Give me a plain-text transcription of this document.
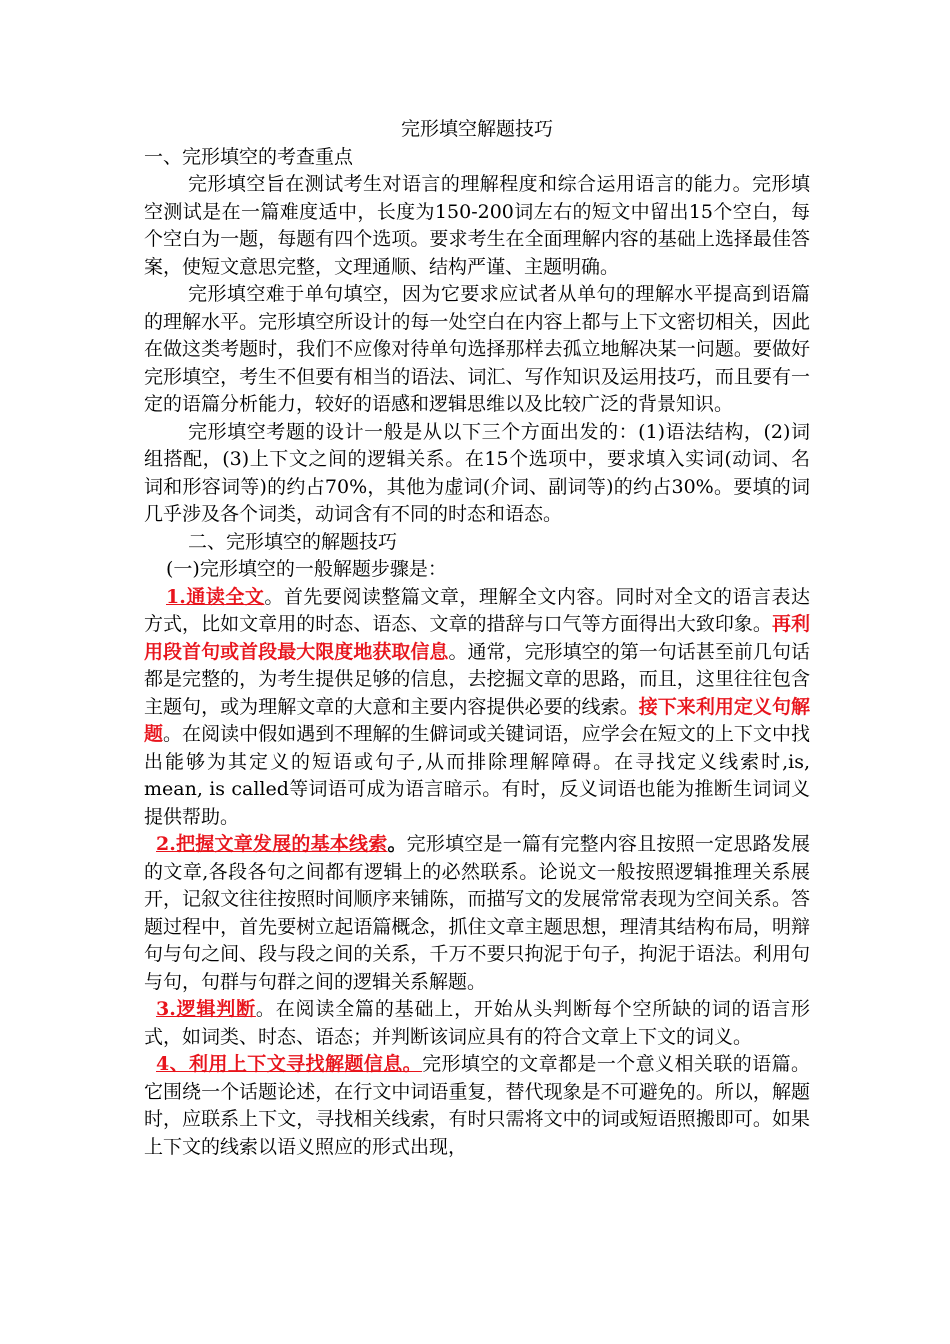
完形填空解题技巧

一、完形填空的考查重点

完形填空旨在测试考生对语言的理解程度和综合运用语言的能力。完形填空测试是在一篇难度适中，长度为150-200词左右的短文中留出15个空白，每个空白为一题，每题有四个选项。要求考生在全面理解内容的基础上选择最佳答案，使短文意思完整，文理通顺、结构严谨、主题明确。

完形填空难于单句填空，因为它要求应试者从单句的理解水平提高到语篇的理解水平。完形填空所设计的每一处空白在内容上都与上下文密切相关，因此在做这类考题时，我们不应像对待单句选择那样去孤立地解决某一问题。要做好完形填空，考生不但要有相当的语法、词汇、写作知识及运用技巧，而且要有一定的语篇分析能力，较好的语感和逻辑思维以及比较广泛的背景知识。

完形填空考题的设计一般是从以下三个方面出发的：(1)语法结构，(2)词组搭配，(3)上下文之间的逻辑关系。在15个选项中，要求填入实词(动词、名词和形容词等)的约占70%，其他为虚词(介词、副词等)的约占30%。要填的词几乎涉及各个词类，动词含有不同的时态和语态。

二、完形填空的解题技巧

(一)完形填空的一般解题步骤是：

1.通读全文。首先要阅读整篇文章，理解全文内容。同时对全文的语言表达方式，比如文章用的时态、语态、文章的措辞与口气等方面得出大致印象。再利用段首句或首段最大限度地获取信息。通常，完形填空的第一句话甚至前几句话都是完整的，为考生提供足够的信息，去挖掘文章的思路，而且，这里往往包含主题句，或为理解文章的大意和主要内容提供必要的线索。接下来利用定义句解题。在阅读中假如遇到不理解的生僻词或关键词语，应学会在短文的上下文中找出能够为其定义的短语或句子,从而排除理解障碍。在寻找定义线索时,is, mean, is called等词语可成为语言暗示。有时，反义词语也能为推断生词词义提供帮助。

2.把握文章发展的基本线索。完形填空是一篇有完整内容且按照一定思路发展的文章,各段各句之间都有逻辑上的必然联系。论说文一般按照逻辑推理关系展开，记叙文往往按照时间顺序来铺陈，而描写文的发展常常表现为空间关系。答题过程中，首先要树立起语篇概念，抓住文章主题思想，理清其结构布局，明辩句与句之间、段与段之间的关系，千万不要只拘泥于句子，拘泥于语法。利用句与句，句群与句群之间的逻辑关系解题。

3.逻辑判断。在阅读全篇的基础上，开始从头判断每个空所缺的词的语言形式，如词类、时态、语态；并判断该词应具有的符合文章上下文的词义。

4、利用上下文寻找解题信息。完形填空的文章都是一个意义相关联的语篇。它围绕一个话题论述，在行文中词语重复，替代现象是不可避免的。所以，解题时，应联系上下文，寻找相关线索，有时只需将文中的词或短语照搬即可。如果上下文的线索以语义照应的形式出现，
